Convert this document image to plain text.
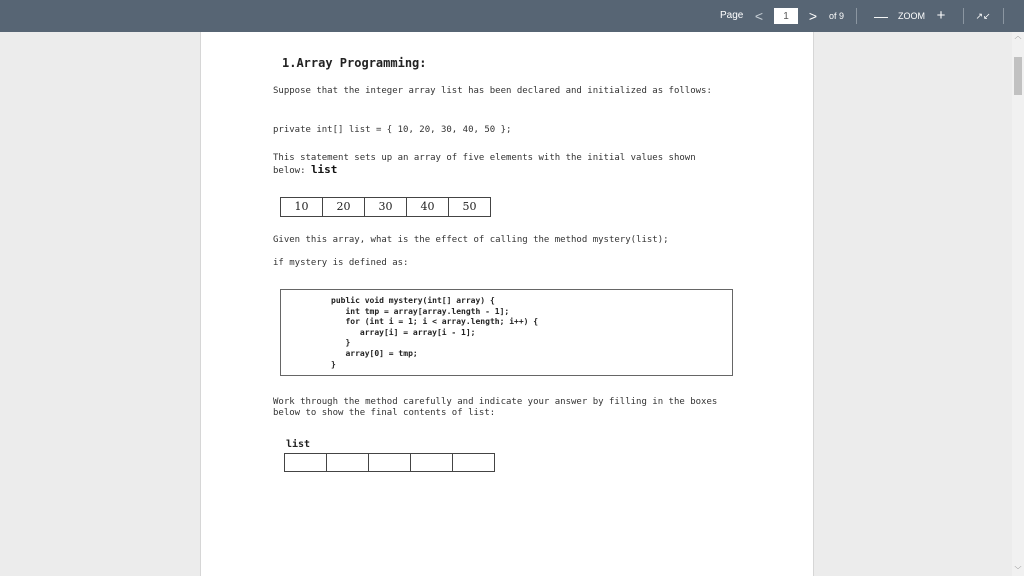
Page <
1	>	of 9 — ZOOM +	↗↙
1.Array Programming:
Suppose that the integer array list has been declared and initialized as follows:
private int[] list = { 10, 20, 30, 40, 50 };
This statement sets up an array of five elements with the initial values shown below: list
10	20	30	40	50
Given this array, what is the effect of calling the method mystery(list);
if mystery is defined as:
public void mystery(int[] array) {
int tmp = array[array.length - 1];
for (int i = 1; i < array.length; i++) {
array[i] = array[i - 1];
}
array[0] = tmp;
}
Work through the method carefully and indicate your answer by filling in the boxes below to show the final contents of list:
list
︿
﹀
